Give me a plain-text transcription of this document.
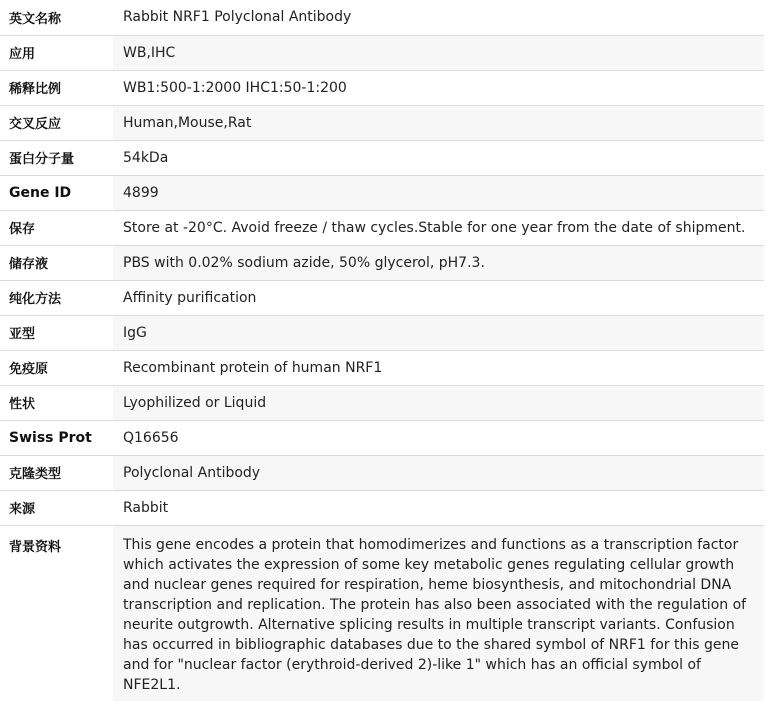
英文名称	Rabbit NRF1 Polyclonal Antibody
应用	WB,IHC
稀释比例	WB1:500-1:2000 IHC1:50-1:200
交叉反应	Human,Mouse,Rat
蛋白分子量	54kDa
Gene ID	4899
保存	Store at -20°C. Avoid freeze / thaw cycles.Stable for one year from the date of shipment.
储存液	PBS with 0.02% sodium azide, 50% glycerol, pH7.3.
纯化方法	Affinity purification
亚型	IgG
免疫原	Recombinant protein of human NRF1
性状	Lyophilized or Liquid
Swiss Prot	Q16656
克隆类型	Polyclonal Antibody
来源	Rabbit
背景资料	This gene encodes a protein that homodimerizes and functions as a transcription factor which activates the expression of some key metabolic genes regulating cellular growth and nuclear genes required for respiration, heme biosynthesis, and mitochondrial DNA transcription and replication. The protein has also been associated with the regulation of neurite outgrowth. Alternative splicing results in multiple transcript variants. Confusion has occurred in bibliographic databases due to the shared symbol of NRF1 for this gene and for "nuclear factor (erythroid-derived 2)-like 1" which has an official symbol of NFE2L1.
